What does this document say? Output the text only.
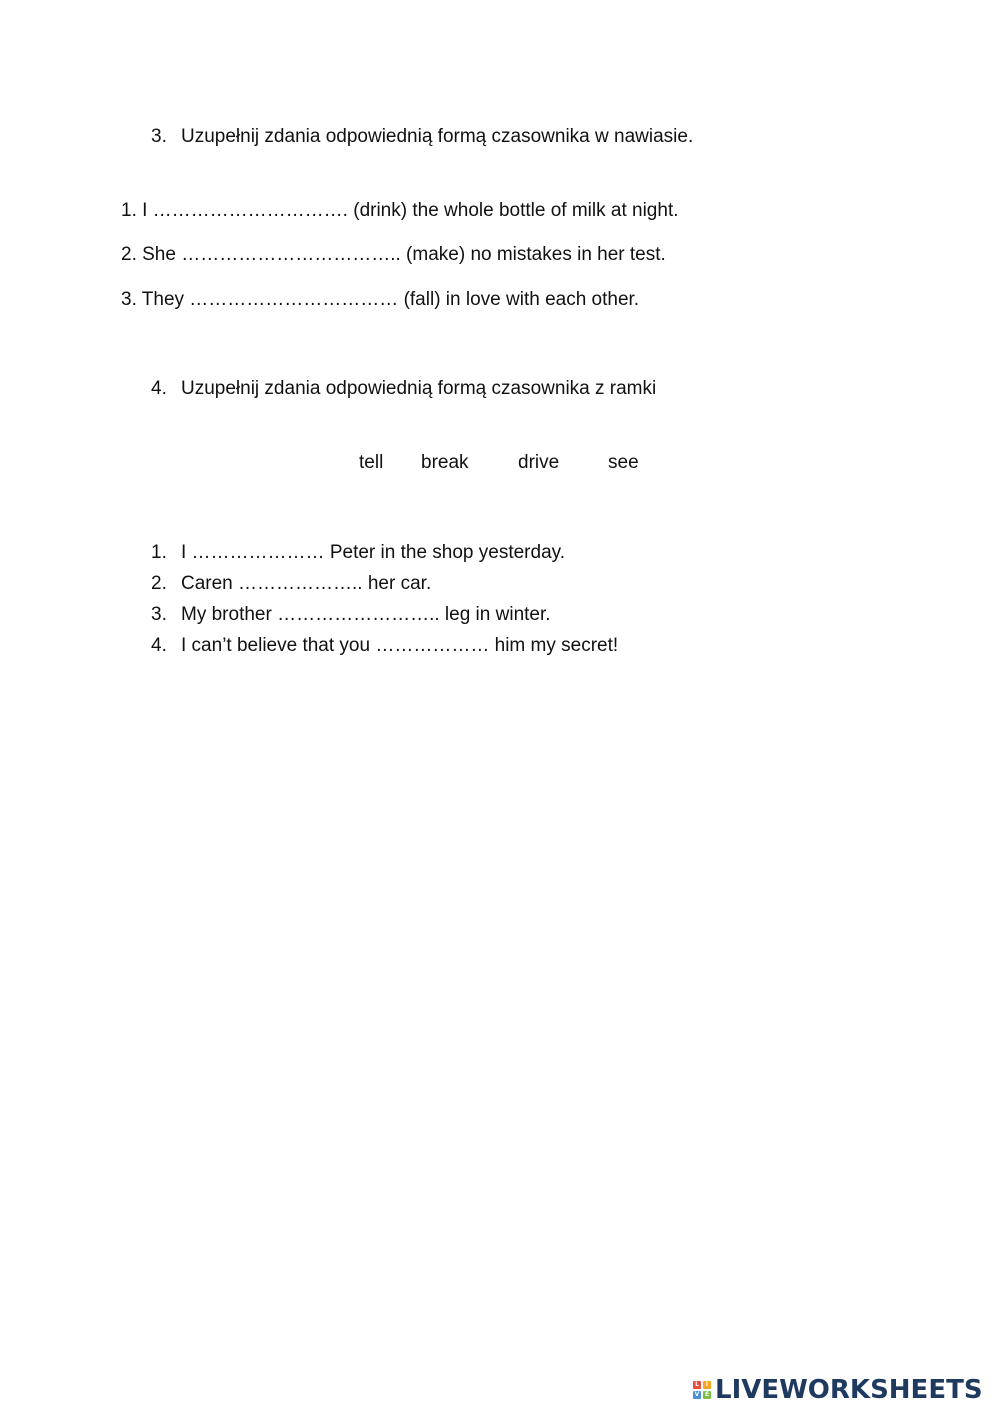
3. Uzupełnij zdania odpowiednią formą czasownika w nawiasie.
1. I …………………………. (drink) the whole bottle of milk at night.
2. She …………………………….. (make) no mistakes in her test.
3. They …………………………… (fall) in love with each other.
4. Uzupełnij zdania odpowiednią formą czasownika z ramki
tell break	drive	see
1. I ………………… Peter in the shop yesterday.
2. Caren ……………….. her car.
3. My brother …………………….. leg in winter.
4. I can’t believe that you ……………… him my secret!
L	I
V E LIVEWORKSHEETS
